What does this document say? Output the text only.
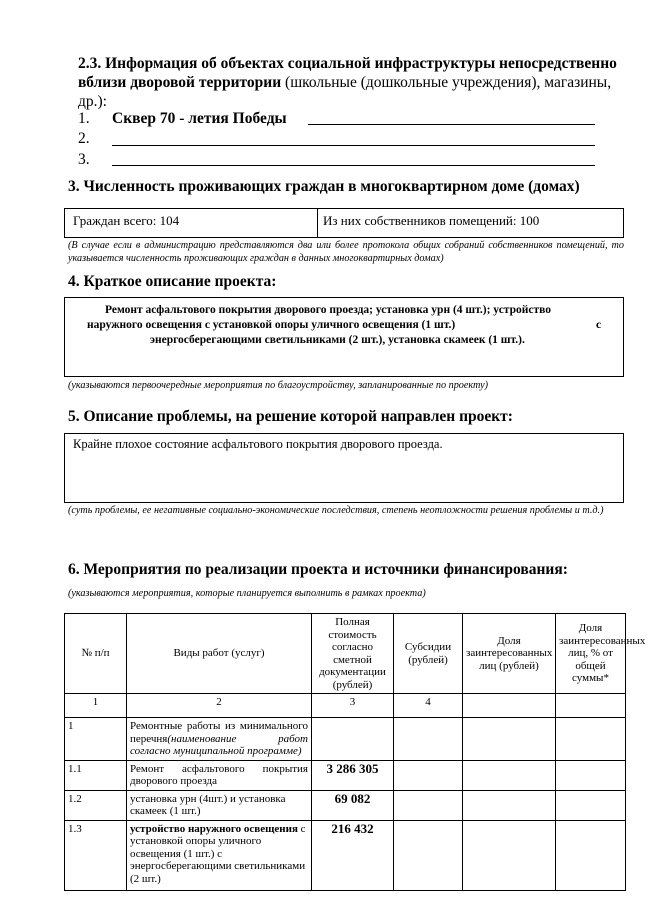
2.3. Информация об объектах социальной инфраструктуры непосредственно вблизи дворовой территории (школьные (дошкольные учреждения), магазины, др.):
1. Сквер 70 - летия Победы
2.
3.
3. Численность проживающих граждан в многоквартирном доме (домах)
Граждан всего: 104	Из них собственников помещений: 100
(В случае если в администрацию представляются два или более протокола общих собраний собственников помещений, то указывается численность проживающих граждан в данных многоквартирных домах)
4. Краткое описание проекта:
Ремонт асфальтового покрытия дворового проезда; установка урн (4 шт.); устройство
наружного освещения с установкой опоры уличного освещения (1 шт.)	с
энергосберегающими светильниками (2 шт.), установка скамеек (1 шт.).
(указываются первоочередные мероприятия по благоустройству, запланированные по проекту)
5. Описание проблемы, на решение которой направлен проект:
Крайне плохое состояние асфальтового покрытия дворового проезда.
(суть проблемы, ее негативные социально-экономические последствия, степень неотложности решения проблемы и т.д.)
6. Мероприятия по реализации проекта и источники финансирования:
(указываются мероприятия, которые планируется выполнить в рамках проекта)
№ п/п	Виды работ (услуг)	Полная стоимость согласно сметной документации (рублей)	Субсидии (рублей)	Доля заинтересованных лиц (рублей)	Доля заинтересованных лиц, % от общей суммы*
1	2	3	4		
1	Ремонтные работы из минимального перечня(наименование работ согласно муниципальной программе)				
1.1	Ремонт асфальтового покрытия дворового проезда	3 286 305			
1.2	установка урн (4шт.) и установка скамеек (1 шт.)	69 082			
1.3	устройство наружного освещения с установкой опоры уличного освещения (1 шт.) с энергосберегающими светильниками (2 шт.)	216 432			
